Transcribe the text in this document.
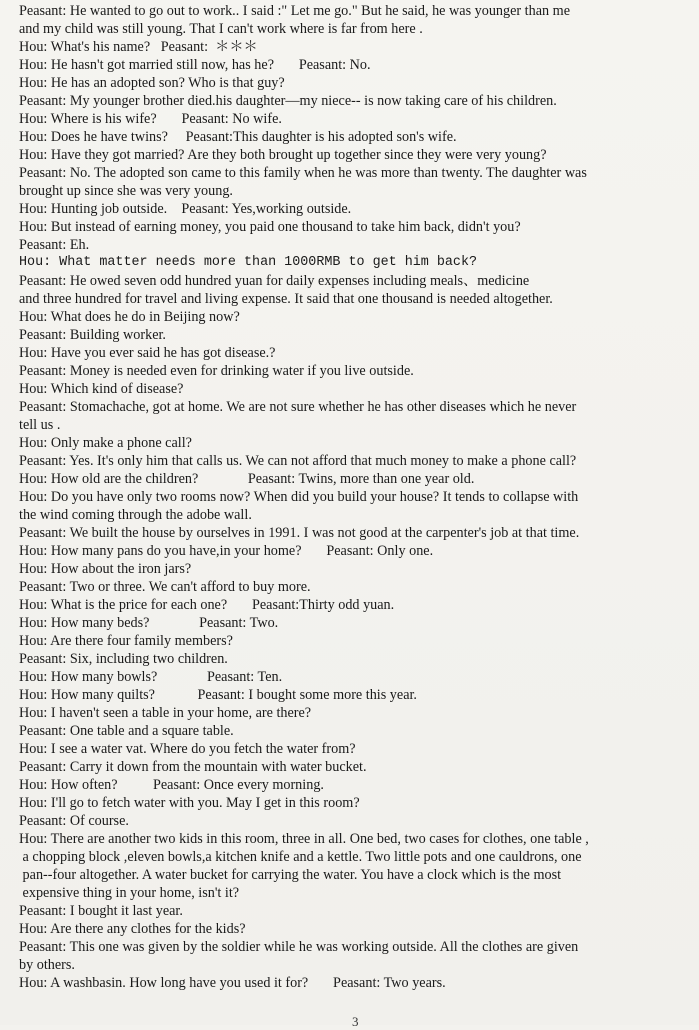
Peasant: He wanted to go out to work.. I said :" Let me go." But he said, he was younger than me
and my child was still young. That I can't work where is far from here .
Hou: What's his name?   Peasant:  ＊＊＊
Hou: He hasn't got married still now, has he?       Peasant: No.
Hou: He has an adopted son? Who is that guy?
Peasant: My younger brother died.his daughter—my niece-- is now taking care of his children.
Hou: Where is his wife?       Peasant: No wife.
Hou: Does he have twins?     Peasant:This daughter is his adopted son's wife.
Hou: Have they got married? Are they both brought up together since they were very young?
Peasant: No. The adopted son came to this family when he was more than twenty. The daughter was
brought up since she was very young.
Hou: Hunting job outside.    Peasant: Yes,working outside.
Hou: But instead of earning money, you paid one thousand to take him back, didn't you?
Peasant: Eh.
Hou: What matter needs more than 1000RMB to get him back?
Peasant: He owed seven odd hundred yuan for daily expenses including meals、medicine
and three hundred for travel and living expense. It said that one thousand is needed altogether.
Hou: What does he do in Beijing now?
Peasant: Building worker.
Hou: Have you ever said he has got disease.?
Peasant: Money is needed even for drinking water if you live outside.
Hou: Which kind of disease?
Peasant: Stomachache, got at home. We are not sure whether he has other diseases which he never
tell us .
Hou: Only make a phone call?
Peasant: Yes. It's only him that calls us. We can not afford that much money to make a phone call?
Hou: How old are the children?              Peasant: Twins, more than one year old.
Hou: Do you have only two rooms now? When did you build your house? It tends to collapse with
the wind coming through the adobe wall.
Peasant: We built the house by ourselves in 1991. I was not good at the carpenter's job at that time.
Hou: How many pans do you have,in your home?       Peasant: Only one.
Hou: How about the iron jars?
Peasant: Two or three. We can't afford to buy more.
Hou: What is the price for each one?       Peasant:Thirty odd yuan.
Hou: How many beds?              Peasant: Two.
Hou: Are there four family members?
Peasant: Six, including two children.
Hou: How many bowls?              Peasant: Ten.
Hou: How many quilts?            Peasant: I bought some more this year.
Hou: I haven't seen a table in your home, are there?
Peasant: One table and a square table.
Hou: I see a water vat. Where do you fetch the water from?
Peasant: Carry it down from the mountain with water bucket.
Hou: How often?          Peasant: Once every morning.
Hou: I'll go to fetch water with you. May I get in this room?
Peasant: Of course.
Hou: There are another two kids in this room, three in all. One bed, two cases for clothes, one table ,
a chopping block ,eleven bowls,a kitchen knife and a kettle. Two little pots and one cauldrons, one
pan--four altogether. A water bucket for carrying the water. You have a clock which is the most
expensive thing in your home, isn't it?
Peasant: I bought it last year.
Hou: Are there any clothes for the kids?
Peasant: This one was given by the soldier while he was working outside. All the clothes are given
by others.
Hou: A washbasin. How long have you used it for?       Peasant: Two years.
3
